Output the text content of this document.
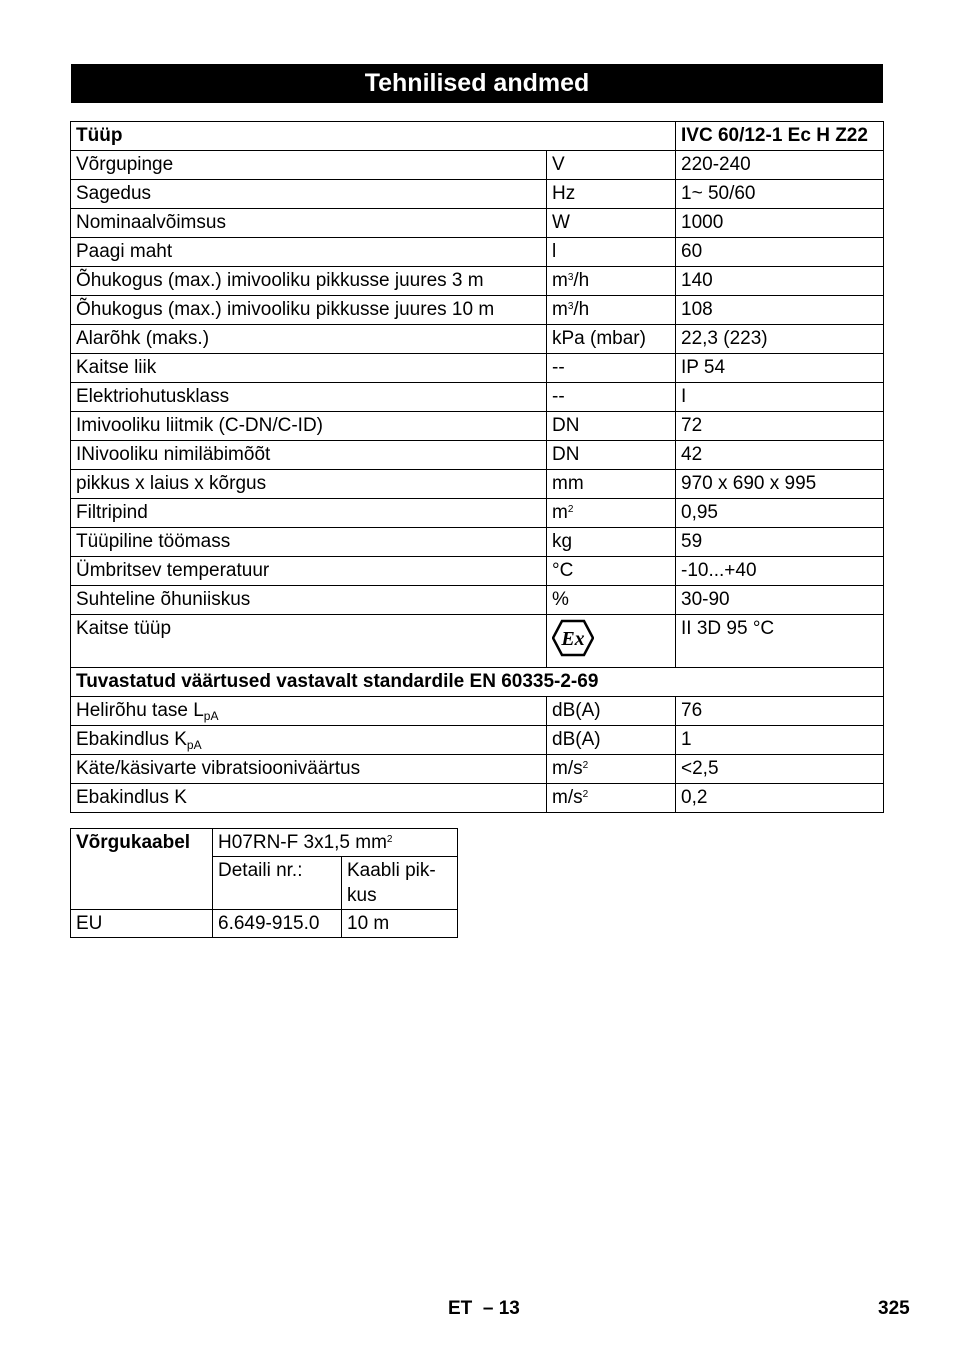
Tehnilised andmed
Tüüp		IVC 60/12-1 Ec H Z22
Võrgupinge	V	220-240
Sagedus	Hz	1~ 50/60
Nominaalvõimsus	W	1000
Paagi maht	l	60
Õhukogus (max.) imivooliku pikkusse juures 3 m	$m^3/h$	140
Õhukogus (max.) imivooliku pikkusse juures 10 m	$m^3/h$	108
Alarõhk (maks.)	kPa (mbar)	22,3 (223)
Kaitse liik	--	IP 54
Elektriohutusklass	--	I
Imivooliku liitmik (C-DN/C-ID)	DN	72
INivooliku nimiläbimõõt	DN	42
pikkus x laius x kõrgus	mm	970 x 690 x 995
Filtripind	$m^2$	0,95
Tüüpiline töömass	kg	59
Ümbritsev temperatuur	°C	-10...+40
Suhteline õhuniiskus	%	30-90
Kaitse tüüp	Ex	II 3D 95 °C
Tuvastatud väärtused vastavalt standardile EN 60335-2-69		
Helirõhu tase $L_{pA}$	dB(A)	76
Ebakindlus $K_{pA}$	dB(A)	1
Käte/käsivarte vibratsiooniväärtus	$m/s^2$	<2,5
Ebakindlus K	$m/s^2$	0,2
Võrgukaabel	H07RN-F 3x1,5 $mm^2$
	Detaili nr.:	Kaabli pik-
kus
EU	6.649-915.0	10 m
ET – 13	325
